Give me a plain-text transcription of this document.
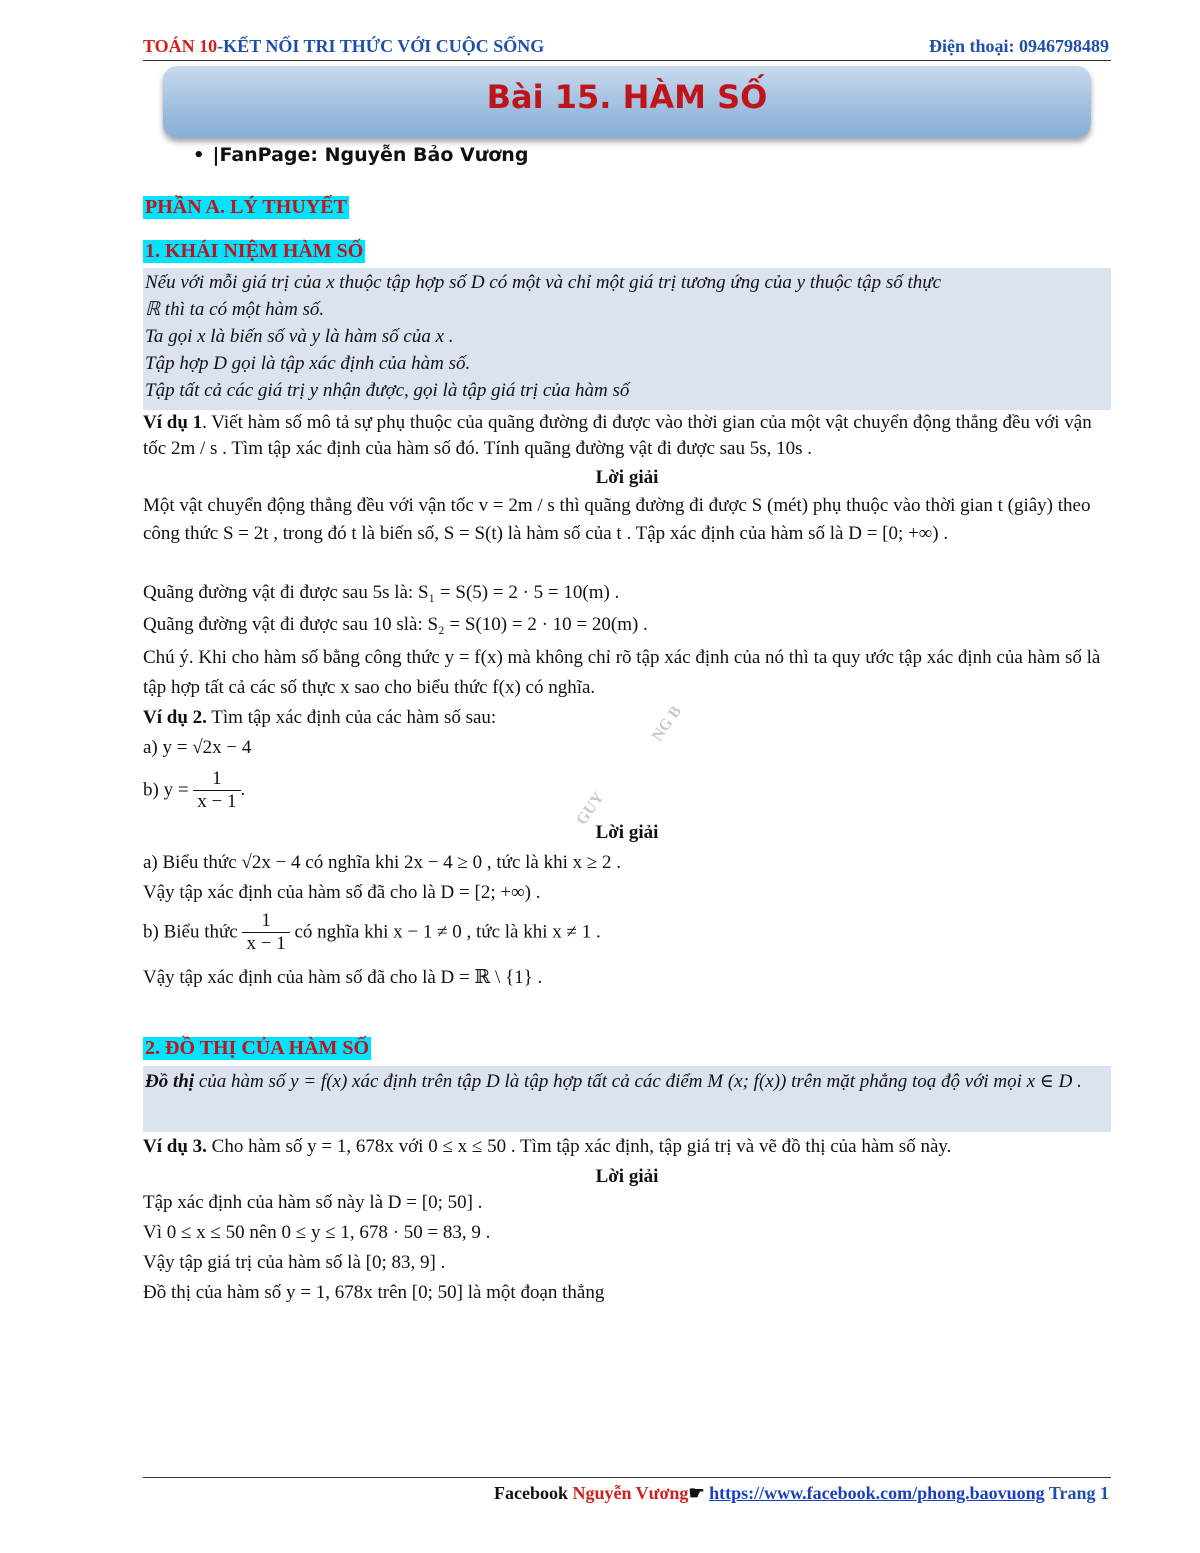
TOÁN 10-KẾT NỐI TRI THỨC VỚI CUỘC SỐNG	Điện thoại: 0946798489
Bài 15. HÀM SỐ
• |FanPage: Nguyễn Bảo Vương
PHẦN A. LÝ THUYẾT
1. KHÁI NIỆM HÀM SỐ

Nếu với mỗi giá trị của x thuộc tập hợp số D có một và chỉ một giá trị tương ứng của y thuộc tập số thực

ℝ thì ta có một hàm số.

Ta gọi x là biến số và y là hàm số của x .

Tập hợp D gọi là tập xác định của hàm số.

Tập tất cả các giá trị y nhận được, gọi là tập giá trị của hàm số

Ví dụ 1. Viết hàm số mô tả sự phụ thuộc của quãng đường đi được vào thời gian của một vật chuyển động thẳng đều với vận tốc 2m / s . Tìm tập xác định của hàm số đó. Tính quãng đường vật đi được sau 5s, 10s .
Lời giải
Một vật chuyển động thẳng đều với vận tốc v = 2m / s thì quãng đường đi được S (mét) phụ thuộc vào thời gian t (giây) theo công thức S = 2t , trong đó t là biến số, S = S(t) là hàm số của t . Tập xác định của hàm số là D = [0; +∞) .
Quãng đường vật đi được sau 5s là: S₁ = S(5) = 2 · 5 = 10(m) .
Quãng đường vật đi được sau 10 slà: S₂ = S(10) = 2 · 10 = 20(m) .
Chú ý. Khi cho hàm số bằng công thức y = f(x) mà không chỉ rõ tập xác định của nó thì ta quy ước tập xác định của hàm số là tập hợp tất cả các số thực x sao cho biểu thức f(x) có nghĩa.
Ví dụ 2. Tìm tập xác định của các hàm số sau:
a) y = √2x − 4
b) $y = \frac{1}{x - 1}$ .
Lời giải
a) Biểu thức √2x − 4 có nghĩa khi 2x − 4 ≥ 0 , tức là khi x ≥ 2 .
Vậy tập xác định của hàm số đã cho là D = [2; +∞) .
b) Biểu thức $\frac{1}{x - 1}$ có nghĩa khi x − 1 ≠ 0 , tức là khi x ≠ 1 .
Vậy tập xác định của hàm số đã cho là D = ℝ \ {1} .
2. ĐỒ THỊ CỦA HÀM SỐ

Đồ thị của hàm số y = f(x) xác định trên tập D là tập hợp tất cả các điểm M (x; f(x)) trên mặt phẳng toạ độ với mọi x ∈ D .

Ví dụ 3. Cho hàm số y = 1, 678x với 0 ≤ x ≤ 50 . Tìm tập xác định, tập giá trị và vẽ đồ thị của hàm số này.
Lời giải
Tập xác định của hàm số này là D = [0; 50] .
Vì 0 ≤ x ≤ 50 nên 0 ≤ y ≤ 1, 678 · 50 = 83, 9 .
Vậy tập giá trị của hàm số là [0; 83, 9] .
Đồ thị của hàm số y = 1, 678x trên [0; 50] là một đoạn thẳng
NG B
GUY
Facebook Nguyễn Vương☛ https://www.facebook.com/phong.baovuong Trang 1
